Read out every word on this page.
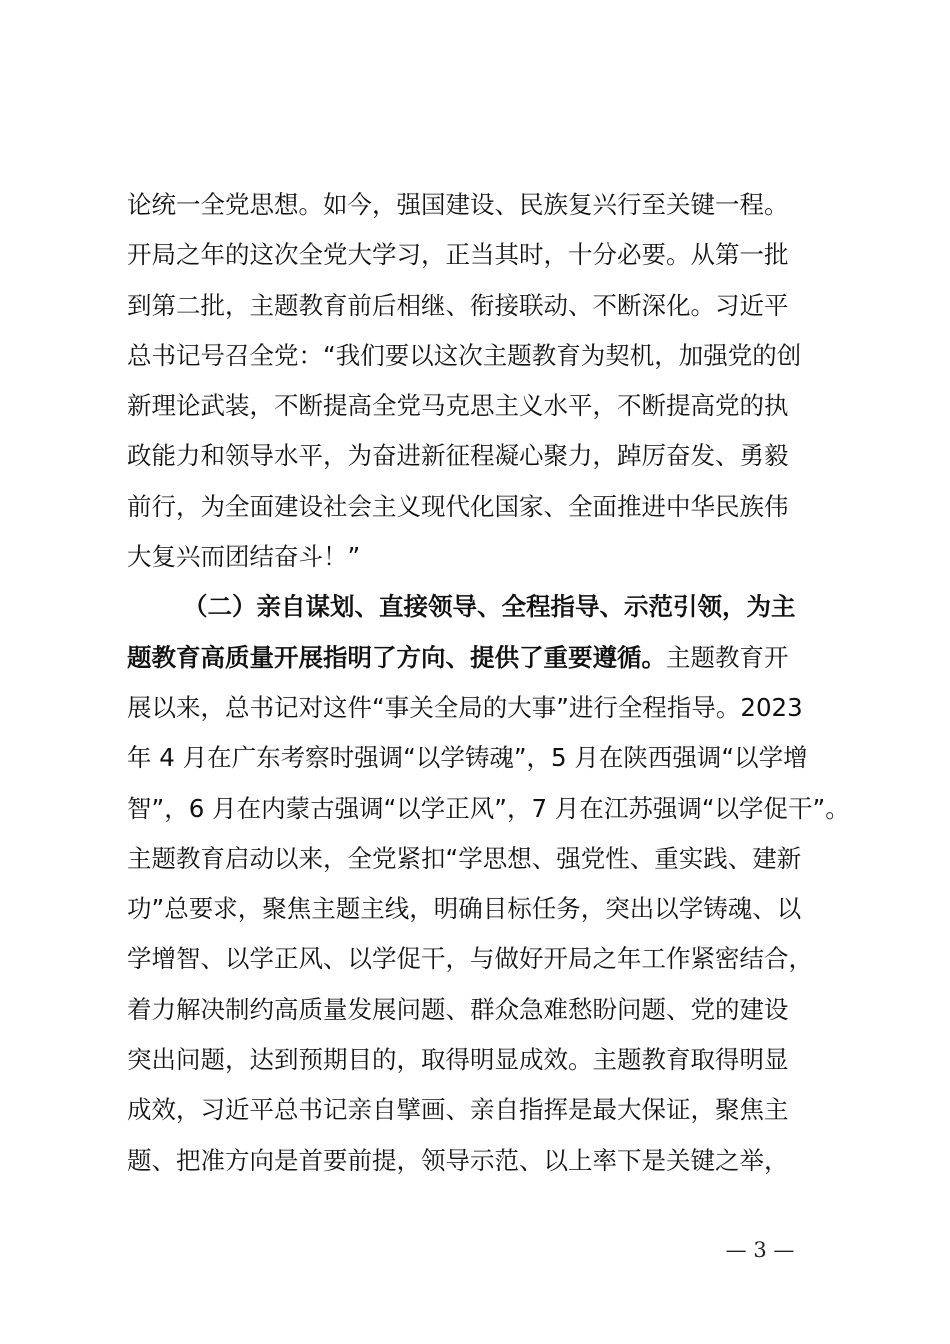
论统一全党思想。如今，强国建设、民族复兴行至关键一程。
开局之年的这次全党大学习，正当其时，十分必要。从第一批
到第二批，主题教育前后相继、衔接联动、不断深化。习近平
总书记号召全党：“我们要以这次主题教育为契机，加强党的创
新理论武装，不断提高全党马克思主义水平，不断提高党的执
政能力和领导水平，为奋进新征程凝心聚力，踔厉奋发、勇毅
前行，为全面建设社会主义现代化国家、全面推进中华民族伟
大复兴而团结奋斗！”
（二）亲自谋划、直接领导、全程指导、示范引领，为主
题教育高质量开展指明了方向、提供了重要遵循。主题教育开
展以来，总书记对这件“事关全局的大事”进行全程指导。2023
年 4 月在广东考察时强调“以学铸魂”，5 月在陕西强调“以学增
智”，6 月在内蒙古强调“以学正风”，7 月在江苏强调“以学促干”。
主题教育启动以来，全党紧扣“学思想、强党性、重实践、建新
功”总要求，聚焦主题主线，明确目标任务，突出以学铸魂、以
学增智、以学正风、以学促干，与做好开局之年工作紧密结合，
着力解决制约高质量发展问题、群众急难愁盼问题、党的建设
突出问题，达到预期目的，取得明显成效。主题教育取得明显
成效，习近平总书记亲自擘画、亲自指挥是最大保证，聚焦主
题、把准方向是首要前提，领导示范、以上率下是关键之举，
— 3 —
